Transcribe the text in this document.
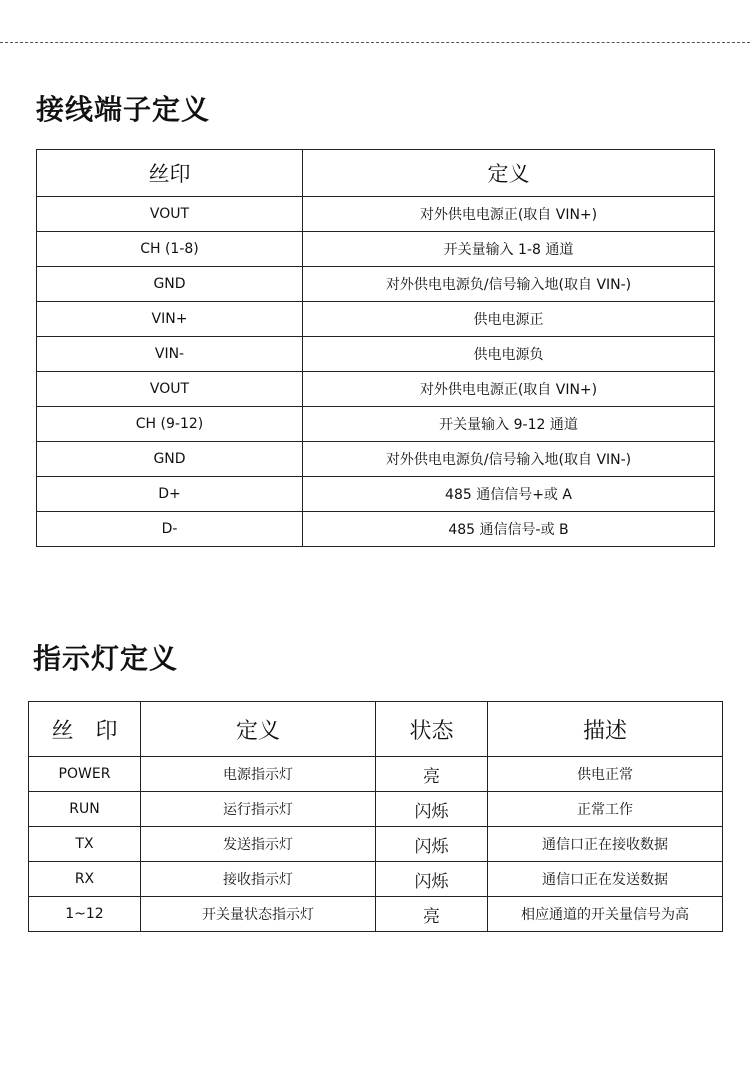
接线端子定义
丝印	定义
VOUT	对外供电电源正(取自 VIN+)
CH (1-8)	开关量输入 1-8 通道
GND	对外供电电源负/信号输入地(取自 VIN-)
VIN+	供电电源正
VIN-	供电电源负
VOUT	对外供电电源正(取自 VIN+)
CH (9-12)	开关量输入 9-12 通道
GND	对外供电电源负/信号输入地(取自 VIN-)
D+	485 通信信号+或 A
D-	485 通信信号-或 B
指示灯定义
丝　印	定义	状态	描述
POWER	电源指示灯	亮	供电正常
RUN	运行指示灯	闪烁	正常工作
TX	发送指示灯	闪烁	通信口正在接收数据
RX	接收指示灯	闪烁	通信口正在发送数据
1~12	开关量状态指示灯	亮	相应通道的开关量信号为高
